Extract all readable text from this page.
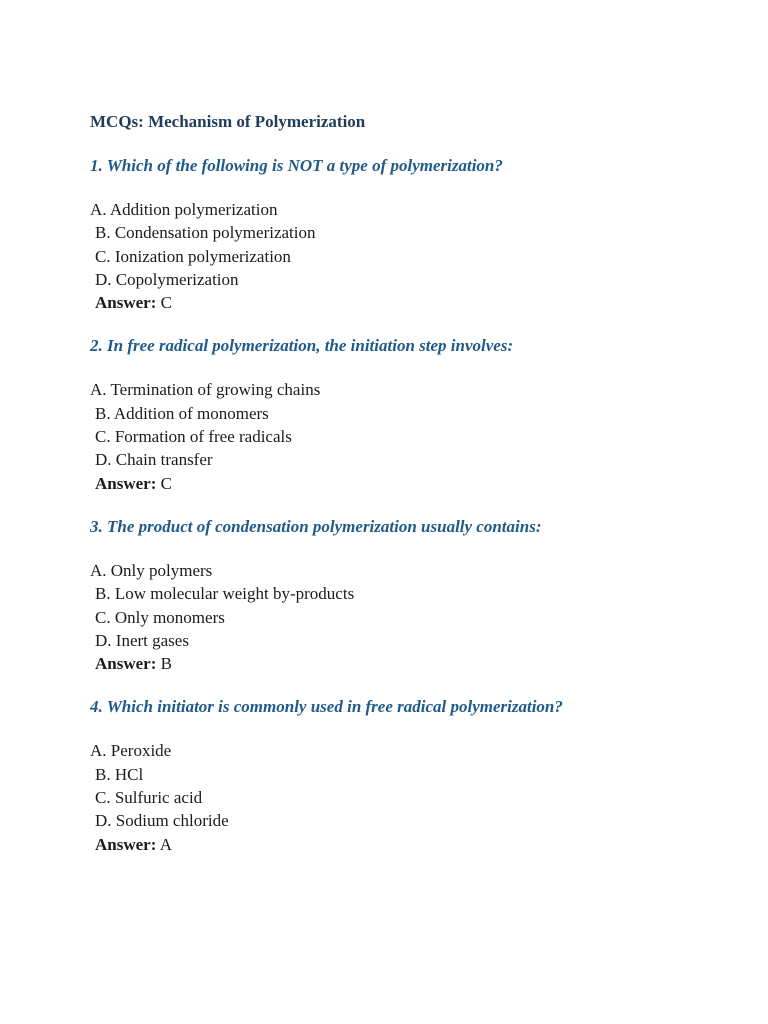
MCQs: Mechanism of Polymerization

1. Which of the following is NOT a type of polymerization?

A. Addition polymerization
B. Condensation polymerization
C. Ionization polymerization
D. Copolymerization

Answer: C

2. In free radical polymerization, the initiation step involves:

A. Termination of growing chains
B. Addition of monomers
C. Formation of free radicals
D. Chain transfer

Answer: C

3. The product of condensation polymerization usually contains:

A. Only polymers
B. Low molecular weight by-products
C. Only monomers
D. Inert gases

Answer: B

4. Which initiator is commonly used in free radical polymerization?

A. Peroxide
B. HCl
C. Sulfuric acid
D. Sodium chloride

Answer: A
